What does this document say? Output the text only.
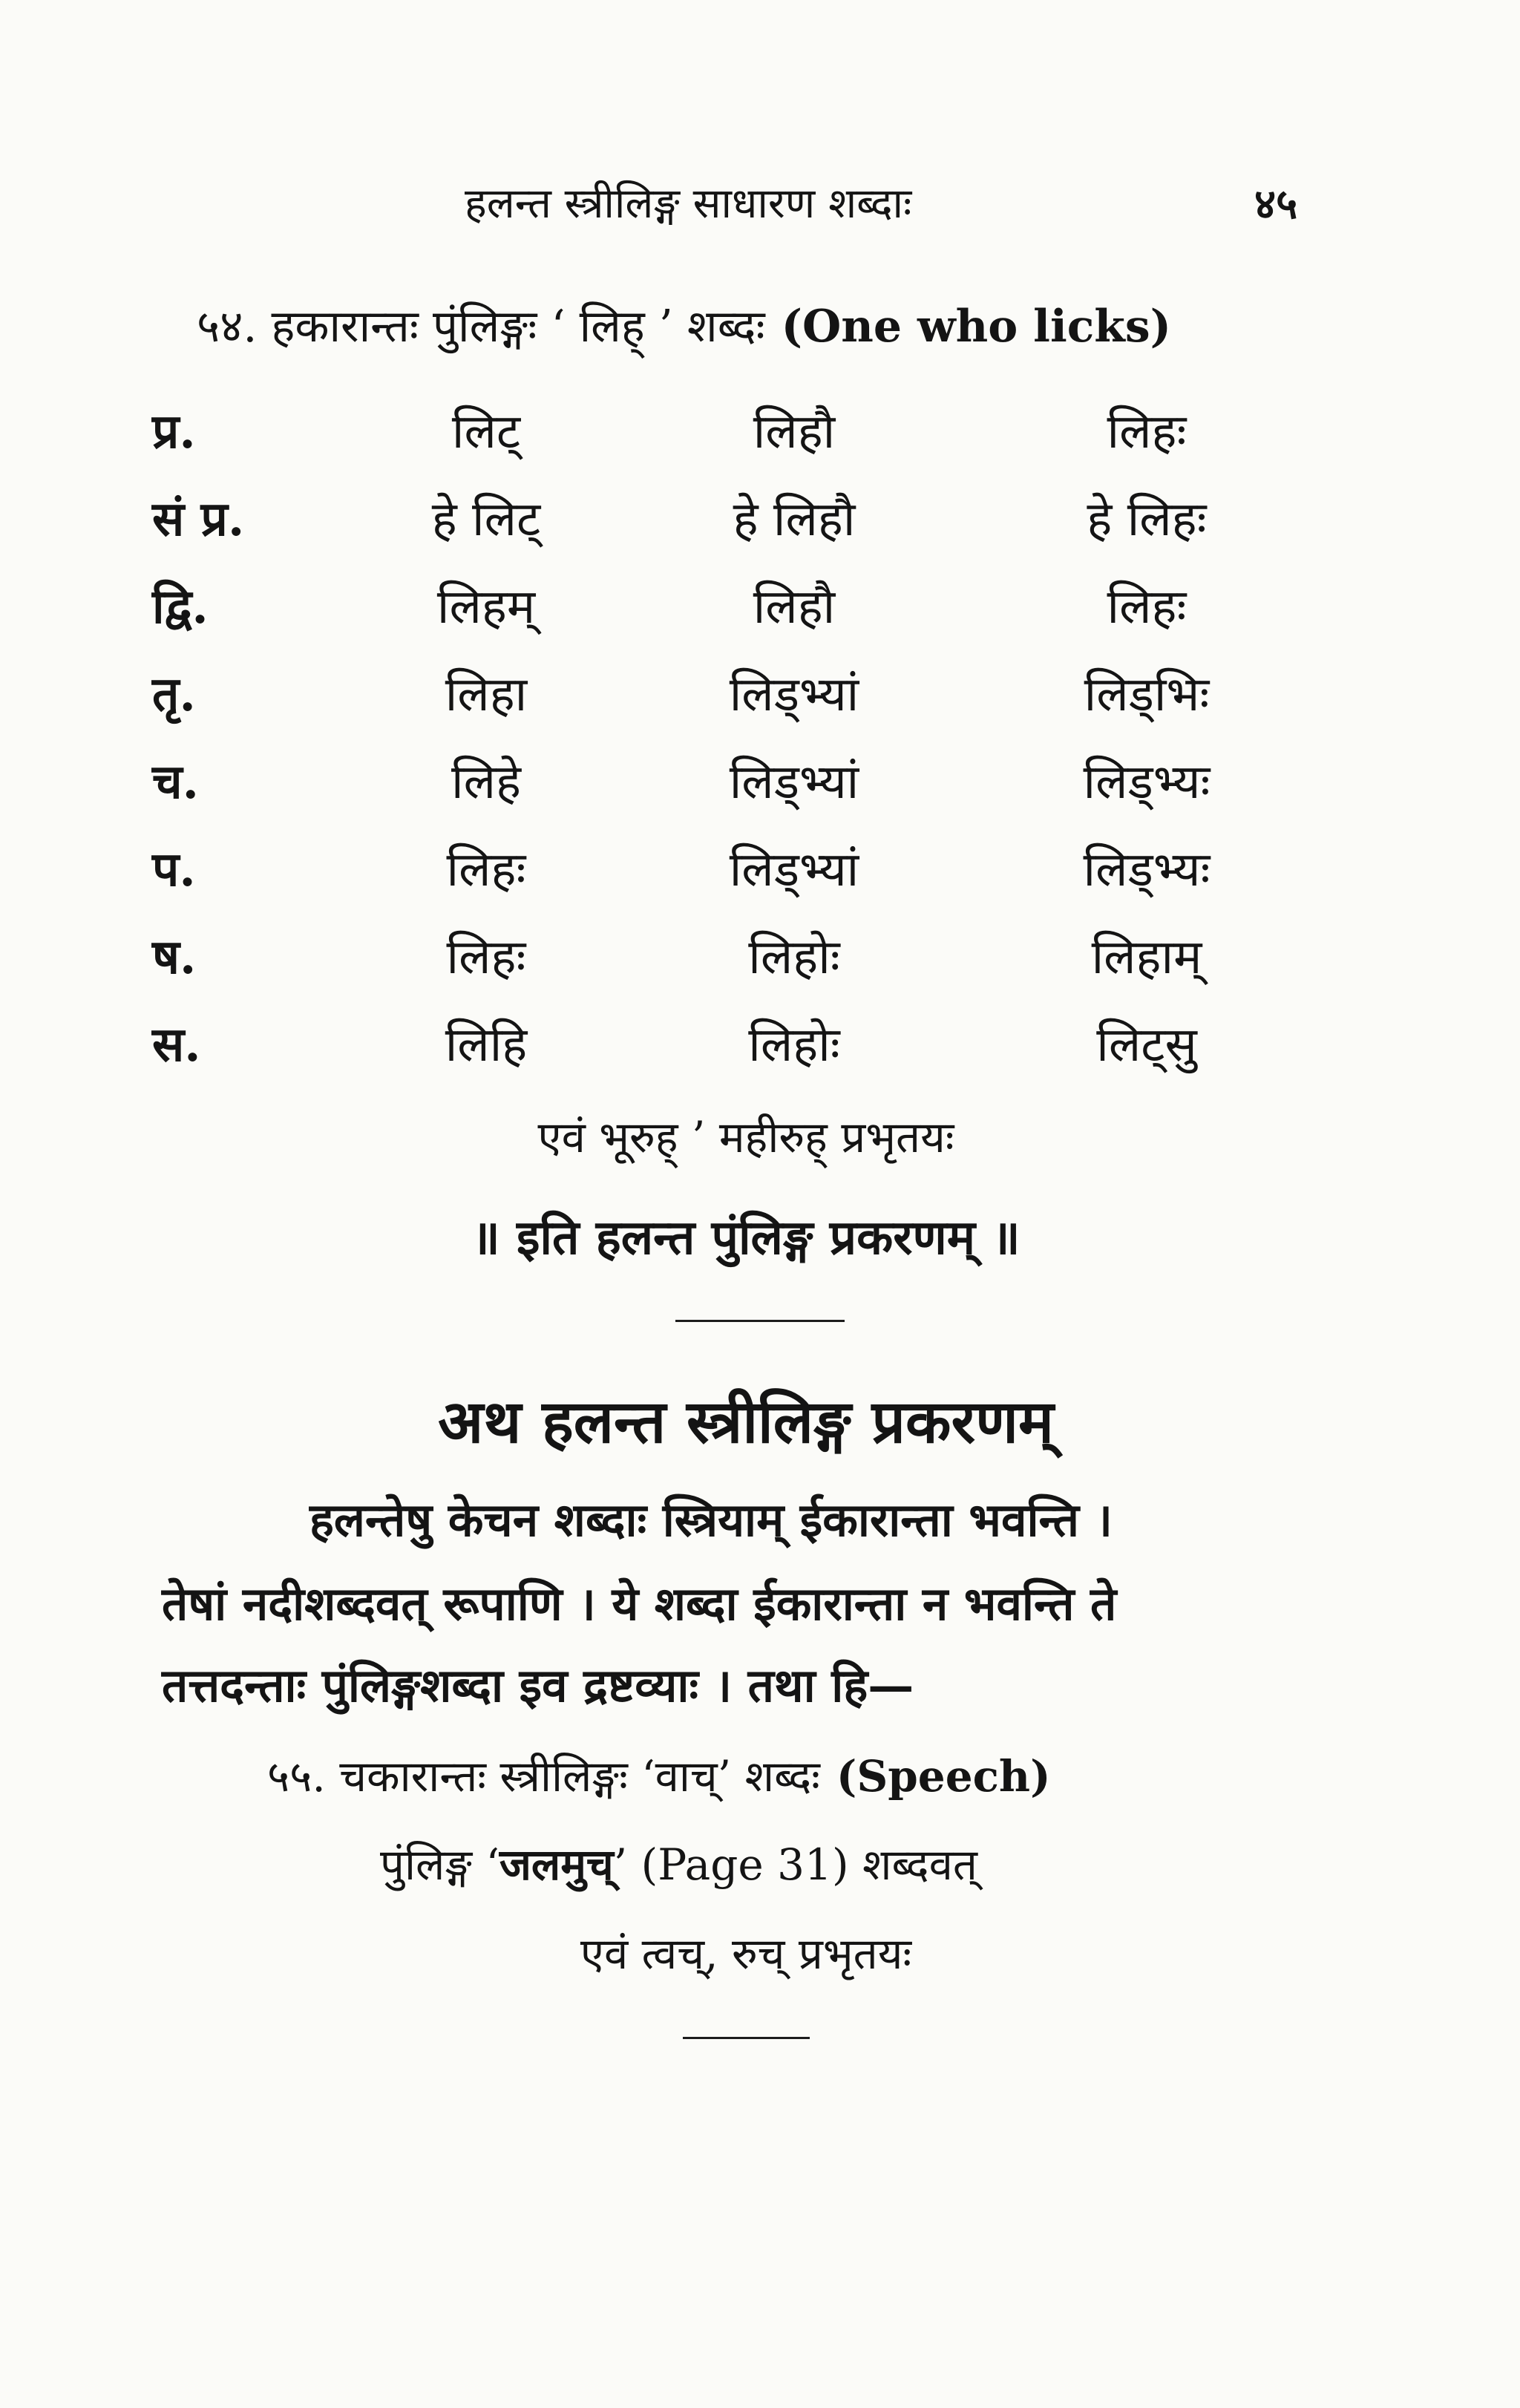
हलन्त स्त्रीलिङ्ग साधारण शब्दाः	४५
५४. हकारान्तः पुंलिङ्गः ‘ लिह् ’ शब्दः (One who licks)
प्र.	लिट्	लिहौ	लिहः
सं प्र.	हे लिट्	हे लिहौ	हे लिहः
द्वि.	लिहम्	लिहौ	लिहः
तृ.	लिहा	लिड्भ्यां	लिड्भिः
च.	लिहे	लिड्भ्यां	लिड्भ्यः
प.	लिहः	लिड्भ्यां	लिड्भ्यः
ष.	लिहः	लिहोः	लिहाम्
स.	लिहि	लिहोः	लिट्सु
एवं भूरुह् ’ महीरुह् प्रभृतयः
॥ इति हलन्त पुंलिङ्ग प्रकरणम् ॥
अथ हलन्त स्त्रीलिङ्ग प्रकरणम्
हलन्तेषु केचन शब्दाः स्त्रियाम् ईकारान्ता भवन्ति ।
तेषां नदीशब्दवत् रूपाणि । ये शब्दा ईकारान्ता न भवन्ति ते
तत्तदन्ताः पुंलिङ्गशब्दा इव द्रष्टव्याः । तथा हि—
५५. चकारान्तः स्त्रीलिङ्गः ‘वाच्’ शब्दः (Speech)
पुंलिङ्ग ‘जलमुच्’ (Page 31) शब्दवत्
एवं त्वच्, रुच् प्रभृतयः
